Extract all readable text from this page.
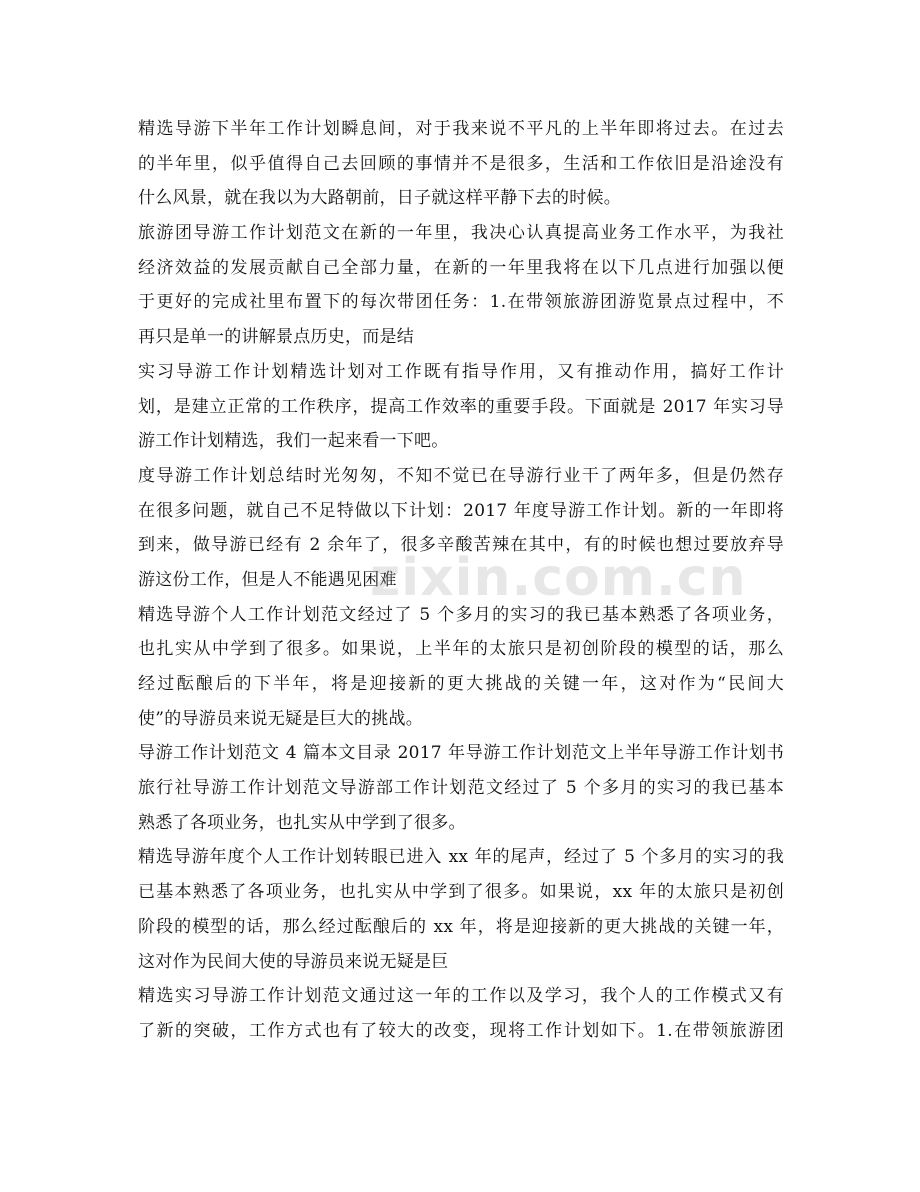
精选导游下半年工作计划瞬息间，对于我来说不平凡的上半年即将过去。在过去
的半年里，似乎值得自己去回顾的事情并不是很多，生活和工作依旧是沿途没有
什么风景，就在我以为大路朝前，日子就这样平静下去的时候。
旅游团导游工作计划范文在新的一年里，我决心认真提高业务工作水平，为我社
经济效益的发展贡献自己全部力量，在新的一年里我将在以下几点进行加强以便
于更好的完成社里布置下的每次带团任务：1.在带领旅游团游览景点过程中，不
再只是单一的讲解景点历史，而是结
实习导游工作计划精选计划对工作既有指导作用，又有推动作用，搞好工作计
划，是建立正常的工作秩序，提高工作效率的重要手段。下面就是 2017 年实习导
游工作计划精选，我们一起来看一下吧。
度导游工作计划总结时光匆匆，不知不觉已在导游行业干了两年多，但是仍然存
在很多问题，就自己不足特做以下计划：2017 年度导游工作计划。新的一年即将
到来，做导游已经有 2 余年了，很多辛酸苦辣在其中，有的时候也想过要放弃导
游这份工作，但是人不能遇见困难
精选导游个人工作计划范文经过了 5 个多月的实习的我已基本熟悉了各项业务，
也扎实从中学到了很多。如果说，上半年的太旅只是初创阶段的模型的话，那么
经过酝酿后的下半年，将是迎接新的更大挑战的关键一年，这对作为“民间大
使”的导游员来说无疑是巨大的挑战。
导游工作计划范文 4 篇本文目录 2017 年导游工作计划范文上半年导游工作计划书
旅行社导游工作计划范文导游部工作计划范文经过了 5 个多月的实习的我已基本
熟悉了各项业务，也扎实从中学到了很多。
精选导游年度个人工作计划转眼已进入 xx 年的尾声，经过了 5 个多月的实习的我
已基本熟悉了各项业务，也扎实从中学到了很多。如果说，xx 年的太旅只是初创
阶段的模型的话，那么经过酝酿后的 xx 年，将是迎接新的更大挑战的关键一年，
这对作为民间大使的导游员来说无疑是巨
精选实习导游工作计划范文通过这一年的工作以及学习，我个人的工作模式又有
了新的突破，工作方式也有了较大的改变，现将工作计划如下。1.在带领旅游团
zixin.com.cn
